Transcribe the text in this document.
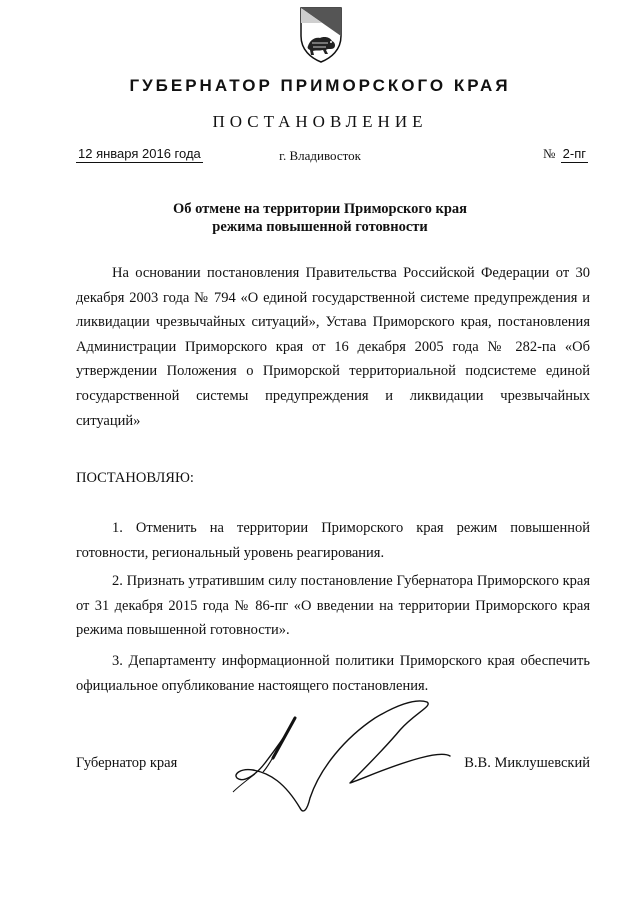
ГУБЕРНАТОР ПРИМОРСКОГО КРАЯ
ПОСТАНОВЛЕНИЕ
12 января 2016 года	г. Владивосток	№ 2-пг
Об отмене на территории Приморского края
режима повышенной готовности
На основании постановления Правительства Российской Федерации от 30 декабря 2003 года № 794 «О единой государственной системе предупреждения и ликвидации чрезвычайных ситуаций», Устава Приморского края, постановления Администрации Приморского края от 16 декабря 2005 года № 282-па «Об утверждении Положения о Приморской территориальной подсистеме единой государственной системы предупреждения и ликвидации чрезвычайных ситуаций»
ПОСТАНОВЛЯЮ:
1. Отменить на территории Приморского края режим повышенной готовности, региональный уровень реагирования.
2. Признать утратившим силу постановление Губернатора Приморского края от 31 декабря 2015 года № 86-пг «О введении на территории Приморского края режима повышенной готовности».
3. Департаменту информационной политики Приморского края обеспечить официальное опубликование настоящего постановления.
Губернатор края	В.В. Миклушевский
